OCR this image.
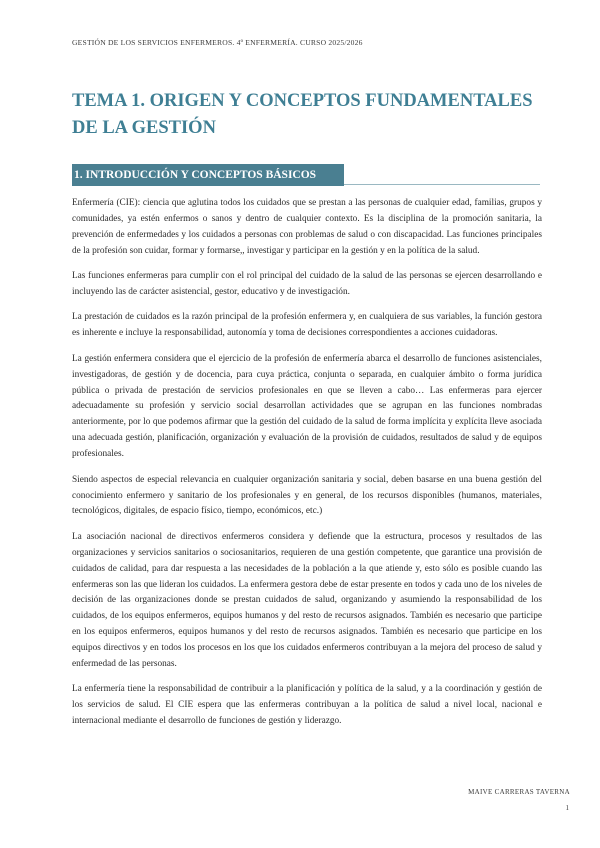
GESTIÓN DE LOS SERVICIOS ENFERMEROS. 4º ENFERMERÍA. CURSO 2025/2026
TEMA 1. ORIGEN Y CONCEPTOS FUNDAMENTALES DE LA GESTIÓN
1. INTRODUCCIÓN Y CONCEPTOS BÁSICOS

Enfermería (CIE): ciencia que aglutina todos los cuidados que se prestan a las personas de cualquier edad, familias, grupos y comunidades, ya estén enfermos o sanos y dentro de cualquier contexto. Es la disciplina de la promoción sanitaria, la prevención de enfermedades y los cuidados a personas con problemas de salud o con discapacidad. Las funciones principales de la profesión son cuidar, formar y formarse,, investigar y participar en la gestión y en la política de la salud.

Las funciones enfermeras para cumplir con el rol principal del cuidado de la salud de las personas se ejercen desarrollando e incluyendo las de carácter asistencial, gestor, educativo y de investigación.

La prestación de cuidados es la razón principal de la profesión enfermera y, en cualquiera de sus variables, la función gestora es inherente e incluye la responsabilidad, autonomía y toma de decisiones correspondientes a acciones cuidadoras.

La gestión enfermera considera que el ejercicio de la profesión de enfermería abarca el desarrollo de funciones asistenciales, investigadoras, de gestión y de docencia, para cuya práctica, conjunta o separada, en cualquier ámbito o forma jurídica pública o privada de prestación de servicios profesionales en que se lleven a cabo… Las enfermeras para ejercer adecuadamente su profesión y servicio social desarrollan actividades que se agrupan en las funciones nombradas anteriormente, por lo que podemos afirmar que la gestión del cuidado de la salud de forma implícita y explícita lleve asociada una adecuada gestión, planificación, organización y evaluación de la provisión de cuidados, resultados de salud y de equipos profesionales.

Siendo aspectos de especial relevancia en cualquier organización sanitaria y social, deben basarse en una buena gestión del conocimiento enfermero y sanitario de los profesionales y en general, de los recursos disponibles (humanos, materiales, tecnológicos, digitales, de espacio físico, tiempo, económicos, etc.)

La asociación nacional de directivos enfermeros considera y defiende que la estructura, procesos y resultados de las organizaciones y servicios sanitarios o sociosanitarios, requieren de una gestión competente, que garantice una provisión de cuidados de calidad, para dar respuesta a las necesidades de la población a la que atiende y, esto sólo es posible cuando las enfermeras son las que lideran los cuidados. La enfermera gestora debe de estar presente en todos y cada uno de los niveles de decisión de las organizaciones donde se prestan cuidados de salud, organizando y asumiendo la responsabilidad de los cuidados, de los equipos enfermeros, equipos humanos y del resto de recursos asignados. También es necesario que participe en los equipos enfermeros, equipos humanos y del resto de recursos asignados. También es necesario que participe en los equipos directivos y en todos los procesos en los que los cuidados enfermeros contribuyan a la mejora del proceso de salud y enfermedad de las personas.

La enfermería tiene la responsabilidad de contribuir a la planificación y política de la salud, y a la coordinación y gestión de los servicios de salud. El CIE espera que las enfermeras contribuyan a la política de salud a nivel local, nacional e internacional mediante el desarrollo de funciones de gestión y liderazgo.

MAIVE CARRERAS TAVERNA
1
